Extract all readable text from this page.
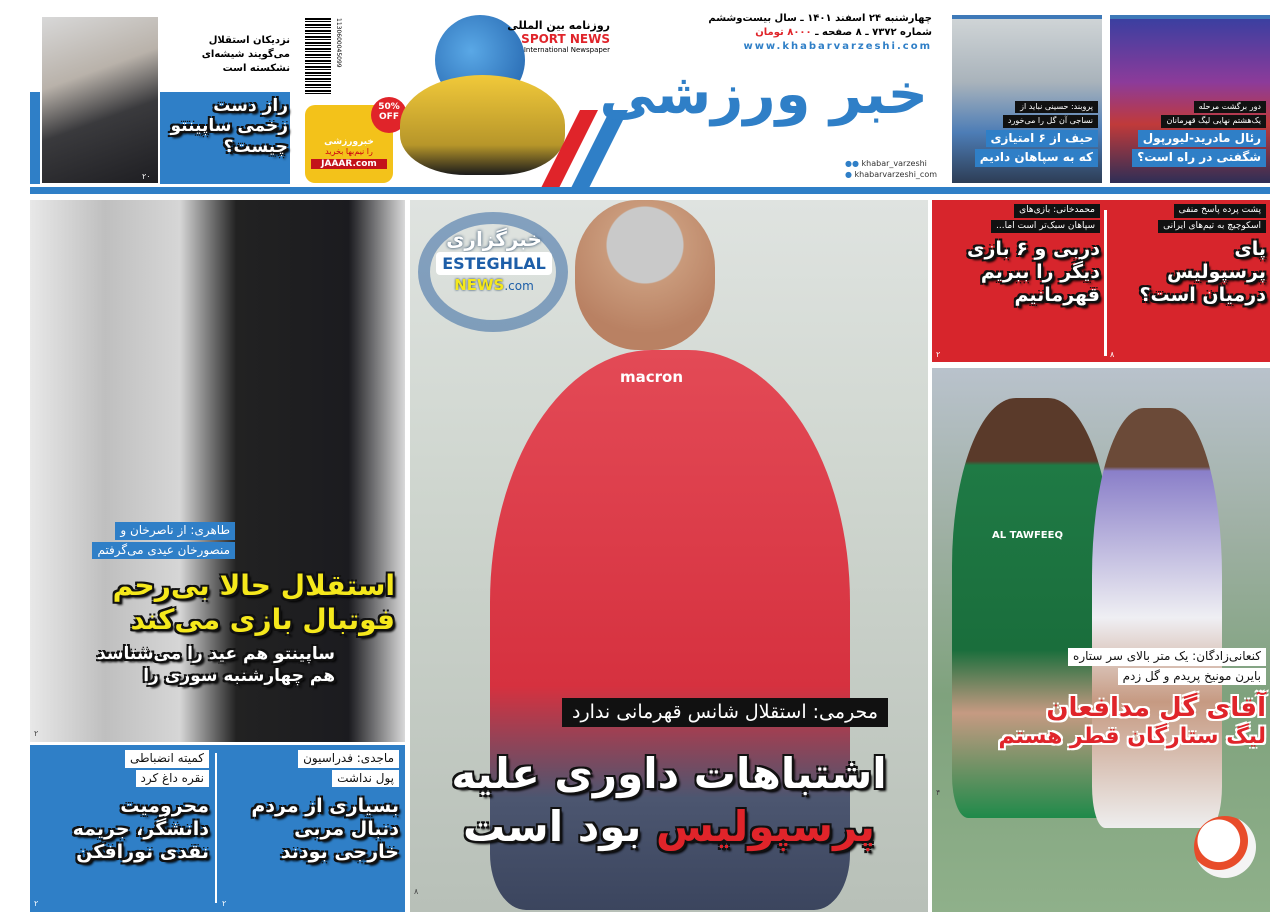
نزدیکان استقلال
می‌گویند شیشه‌ای
نشکسته است
راز دست
زخمی ساپینتو
چیست؟
۲۰
1130600045099
50% OFF
خبرورزشی
را نیم‌بها بخرید
JAAAR.com
روزنامه بین المللی
SPORT NEWS
International Newspaper
خبر ورزشی
●● khabar_varzeshi
● khabarvarzeshi_com
چهارشنبه ۲۴ اسفند ۱۴۰۱ ـ سال بیست‌وششم
شماره ۷۳۷۲ ـ ۸ صفحه ـ ۸۰۰۰ تومان
www.khabarvarzeshi.com
پروبند: حسینی نباید از
نساجی آن گل را می‌خورد
حیف از ۶ امتیازی
که به سپاهان دادیم
دور برگشت مرحله
یک‌هشتم نهایی لیگ قهرمانان
رئال مادرید-لیورپول
شگفتی در راه است؟
طاهری: از ناصرخان و
منصورخان عیدی می‌گرفتم
استقلال حالا بی‌رحم
فوتبال بازی می‌کند
ساپینتو هم عید را می‌شناسد
هم چهارشنبه سوری را
۲
ماجدی: فدراسیون
پول نداشت
بسیاری از مردم
دنبال مربی
خارجی بودند
۲
کمیته انضباطی
نقره داغ کرد
محرومیت
دانشگر، جریمه
نقدی نورافکن
۲
macron
خبرگزاری
ESTEGHLAL
NEWS.com
محرمی: استقلال شانس قهرمانی ندارد
اشتباهات داوری علیه
پرسپولیس بود است
۸
پشت پرده پاسخ منفی
اسکوچیچ به تیم‌های ایرانی
پای
پرسپولیس
درمیان است؟
۸
محمدخانی: بازی‌های
سپاهان سبک‌تر است اما...
دربی و ۶ بازی
دیگر را ببریم
قهرمانیم
۲
AL TAWFEEQ
کنعانی‌زادگان: یک متر بالای سر ستاره
بایرن مونیخ پریدم و گل زدم
آقای گل مدافعان
لیگ ستارگان قطر هستم
۴
